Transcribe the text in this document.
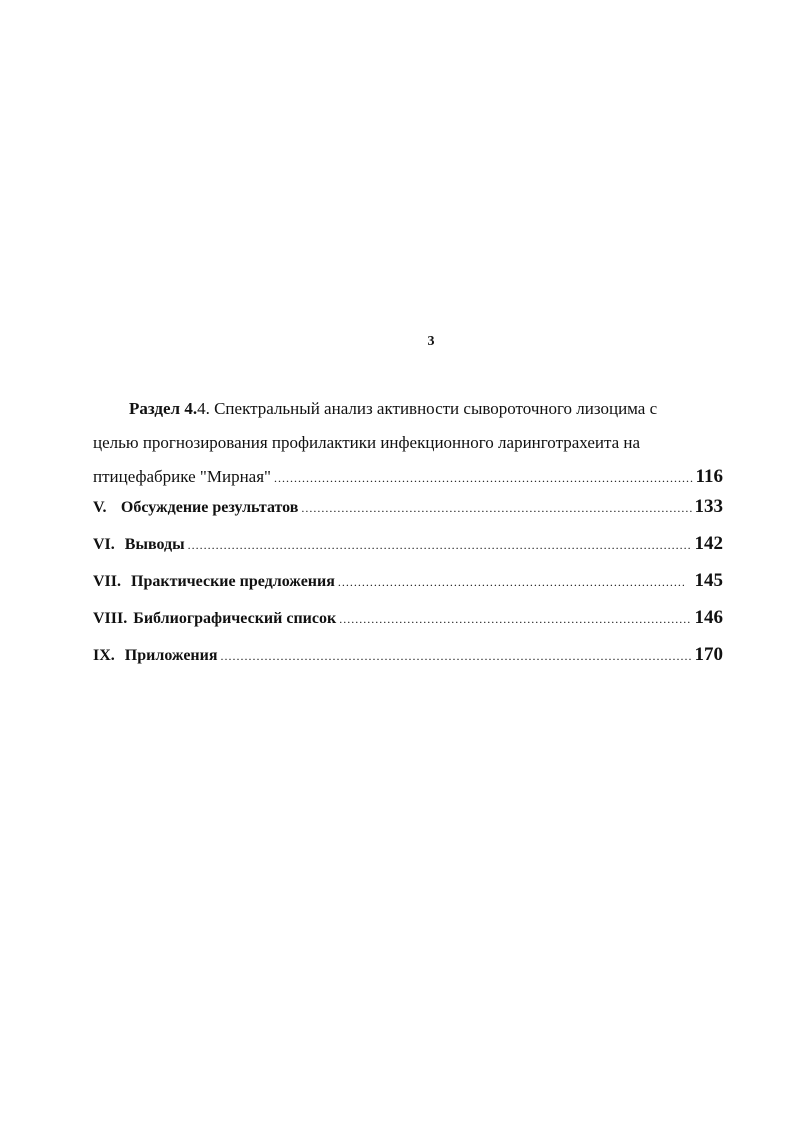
3
Раздел 4.4. Спектральный анализ активности сывороточного лизоцима с
целью прогнозирования профилактики инфекционного ларинготрахеита на
птицефабрике "Мирная" .....	116
V. Обсуждение результатов .....	133
VI. Выводы .....	142
VII. Практические предложения .....	145
VIII. Библиографический список .....	146
IX. Приложения .....	170
